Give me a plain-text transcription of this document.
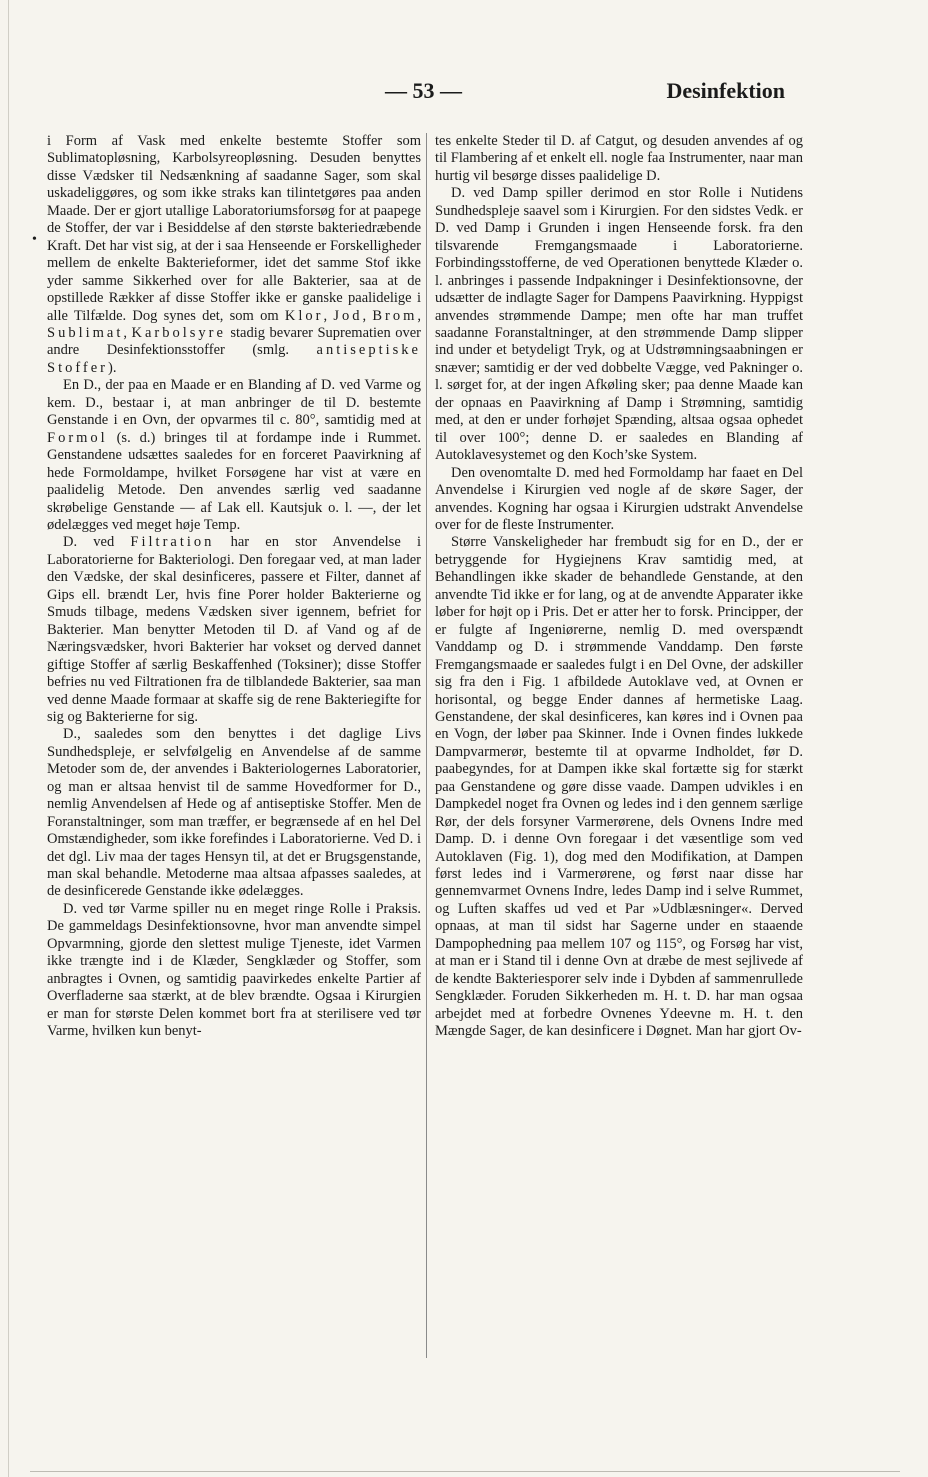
— 53 —	Desinfektion
•

i Form af Vask med enkelte bestemte Stoffer som Sublimatopløsning, Karbolsyreopløsning. Desuden benyttes disse Vædsker til Nedsænkning af saadanne Sager, som skal uskadeliggøres, og som ikke straks kan tilintetgøres paa anden Maade. Der er gjort utallige Laboratoriumsforsøg for at paapege de Stoffer, der var i Besiddelse af den største bakteriedræbende Kraft. Det har vist sig, at der i saa Henseende er Forskelligheder mellem de enkelte Bakterieformer, idet det samme Stof ikke yder samme Sikkerhed over for alle Bakterier, saa at de opstillede Rækker af disse Stoffer ikke er ganske paalidelige i alle Tilfælde. Dog synes det, som om Klor, Jod, Brom, Sublimat, Karbolsyre stadig bevarer Suprematien over andre Desinfektionsstoffer (smlg. antiseptiske Stoffer).

En D., der paa en Maade er en Blanding af D. ved Varme og kem. D., bestaar i, at man anbringer de til D. bestemte Genstande i en Ovn, der opvarmes til c. 80°, samtidig med at Formol (s. d.) bringes til at fordampe inde i Rummet. Genstandene udsættes saaledes for en forceret Paavirkning af hede Formoldampe, hvilket Forsøgene har vist at være en paalidelig Metode. Den anvendes særlig ved saadanne skrøbelige Genstande — af Lak ell. Kautsjuk o. l. —, der let ødelægges ved meget høje Temp.

D. ved Filtration har en stor Anvendelse i Laboratorierne for Bakteriologi. Den foregaar ved, at man lader den Vædske, der skal desinficeres, passere et Filter, dannet af Gips ell. brændt Ler, hvis fine Porer holder Bakterierne og Smuds tilbage, medens Vædsken siver igennem, befriet for Bakterier. Man benytter Metoden til D. af Vand og af de Næringsvædsker, hvori Bakterier har vokset og derved dannet giftige Stoffer af særlig Beskaffenhed (Toksiner); disse Stoffer befries nu ved Filtrationen fra de tilblandede Bakterier, saa man ved denne Maade formaar at skaffe sig de rene Bakteriegifte for sig og Bakterierne for sig.

D., saaledes som den benyttes i det daglige Livs Sundhedspleje, er selvfølgelig en Anvendelse af de samme Metoder som de, der anvendes i Bakteriologernes Laboratorier, og man er altsaa henvist til de samme Hovedformer for D., nemlig Anvendelsen af Hede og af antiseptiske Stoffer. Men de Foranstaltninger, som man træffer, er begrænsede af en hel Del Omstændigheder, som ikke forefindes i Laboratorierne. Ved D. i det dgl. Liv maa der tages Hensyn til, at det er Brugsgenstande, man skal behandle. Metoderne maa altsaa afpasses saaledes, at de desinficerede Genstande ikke ødelægges.

D. ved tør Varme spiller nu en meget ringe Rolle i Praksis. De gammeldags Desinfektionsovne, hvor man anvendte simpel Opvarmning, gjorde den slettest mulige Tjeneste, idet Varmen ikke trængte ind i de Klæder, Sengklæder og Stoffer, som anbragtes i Ovnen, og samtidig paavirkedes enkelte Partier af Overfladerne saa stærkt, at de blev brændte. Ogsaa i Kirurgien er man for største Delen kommet bort fra at sterilisere ved tør Varme, hvilken kun benyt-

tes enkelte Steder til D. af Catgut, og desuden anvendes af og til Flambering af et enkelt ell. nogle faa Instrumenter, naar man hurtig vil besørge disses paalidelige D.

D. ved Damp spiller derimod en stor Rolle i Nutidens Sundhedspleje saavel som i Kirurgien. For den sidstes Vedk. er D. ved Damp i Grunden i ingen Henseende forsk. fra den tilsvarende Fremgangsmaade i Laboratorierne. Forbindingsstofferne, de ved Operationen benyttede Klæder o. l. anbringes i passende Indpakninger i Desinfektionsovne, der udsætter de indlagte Sager for Dampens Paavirkning. Hyppigst anvendes strømmende Dampe; men ofte har man truffet saadanne Foranstaltninger, at den strømmende Damp slipper ind under et betydeligt Tryk, og at Udstrømningsaabningen er snæver; samtidig er der ved dobbelte Vægge, ved Pakninger o. l. sørget for, at der ingen Afkøling sker; paa denne Maade kan der opnaas en Paavirkning af Damp i Strømning, samtidig med, at den er under forhøjet Spænding, altsaa ogsaa ophedet til over 100°; denne D. er saaledes en Blanding af Autoklavesystemet og den Koch’ske System.

Den ovenomtalte D. med hed Formoldamp har faaet en Del Anvendelse i Kirurgien ved nogle af de skøre Sager, der anvendes. Kogning har ogsaa i Kirurgien udstrakt Anvendelse over for de fleste Instrumenter.

Større Vanskeligheder har frembudt sig for en D., der er betryggende for Hygiejnens Krav samtidig med, at Behandlingen ikke skader de behandlede Genstande, at den anvendte Tid ikke er for lang, og at de anvendte Apparater ikke løber for højt op i Pris. Det er atter her to forsk. Principper, der er fulgte af Ingeniørerne, nemlig D. med overspændt Vanddamp og D. i strømmende Vanddamp. Den første Fremgangsmaade er saaledes fulgt i en Del Ovne, der adskiller sig fra den i Fig. 1 afbildede Autoklave ved, at Ovnen er horisontal, og begge Ender dannes af hermetiske Laag. Genstandene, der skal desinficeres, kan køres ind i Ovnen paa en Vogn, der løber paa Skinner. Inde i Ovnen findes lukkede Dampvarmerør, bestemte til at opvarme Indholdet, før D. paabegyndes, for at Dampen ikke skal fortætte sig for stærkt paa Genstandene og gøre disse vaade. Dampen udvikles i en Dampkedel noget fra Ovnen og ledes ind i den gennem særlige Rør, der dels forsyner Varmerørene, dels Ovnens Indre med Damp. D. i denne Ovn foregaar i det væsentlige som ved Autoklaven (Fig. 1), dog med den Modifikation, at Dampen først ledes ind i Varmerørene, og først naar disse har gennemvarmet Ovnens Indre, ledes Damp ind i selve Rummet, og Luften skaffes ud ved et Par »Udblæsninger«. Derved opnaas, at man til sidst har Sagerne under en staaende Dampophedning paa mellem 107 og 115°, og Forsøg har vist, at man er i Stand til i denne Ovn at dræbe de mest sejlivede af de kendte Bakteriesporer selv inde i Dybden af sammenrullede Sengklæder. Foruden Sikkerheden m. H. t. D. har man ogsaa arbejdet med at forbedre Ovnenes Ydeevne m. H. t. den Mængde Sager, de kan desinficere i Døgnet. Man har gjort Ov-
